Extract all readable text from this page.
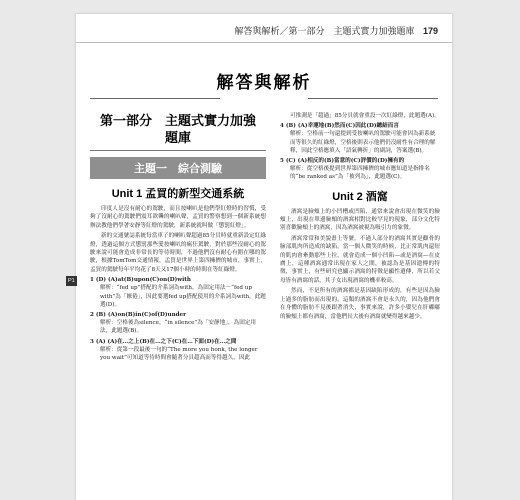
解答與解析／第一部分　主題式實力加強題庫 179
解答與解析
第一部分　主題式實力加強
題庫
主題一　綜合測驗
Unit 1 孟買的新型交通系統

印度人是沒有耐心的駕駛，而且按喇叭是他們學紅燈時的習慣，受夠了沒耐心的駕駛們震耳欲聾的喇叭聲，孟買的警察想到一個新系統想辦法教他們學著安靜等紅燈的駕駛，新系統就叫做「懲罰紅燈」。

新的交通號誌系統每當車子的喇叭聲超過85分貝時就重新設定紅綠燈，透過這個方式懲罰那些愛按喇叭的瘋狂駕駛，對於那些沒耐心的駕駛來說可能會造成非常長的等待時間，不過他們沒有耐心有錯在哪的駕駛，根據TomTom交通情報，孟買是世界上第四擁擠的城市，事實上，孟買的駕駛每年平均花了8天又17個小時的時間在等紅綠燈。

P1	1 (D) (A)at(B)upon(C)on(D)with
解析：“fed up”搭配的介系詞為with，為固定用法－“fed up with”為「厭倦」，因此要選fed up搭配使用的介系詞為with，此題選(D)。
2 (B) (A)on(B)in(C)of(D)under
解析：空格後為silence，“in silence”為「安靜地」，為固定用法，此題選(B)。
3 (A) (A)在…之上(B)在…之下(C)在…下面(D)在…之間
解析：從第一段最後一句的“The more you honk, the longer you wait”可知道等待時間會隨著分貝超高而等得越久，因此
可推測是「超過」85分貝就會重設一次紅綠燈，此題選(A)。
4 (B) (A)幸運地(B)然而(C)因此(D)總結而言
解析：空格前一句還提到受按喇叭的駕駛可能會因為新系統而等很久的紅綠燈，空格後則表示他們仍沒耐性有合理的解釋，因此空格應填入「語氣轉折」的副詞，答案選(B)。
5 (C) (A)相反的(B)當意的(C)評價的(D)擁有的
解析：從空格後提到世界第四擁擠的城市應知道是指排名的“be ranked as”為「被列為」，此題選(C)。
Unit 2 酒窩

酒窩是臉頰上的小凹槽或凹陷，通常來說會出現在微笑的臉頰上，出現在單邊臉頰的酒窩相對比較罕見的現象，部分文化特別喜歡臉頰上的酒窩，因為酒窩被視為吸引力的象徵。

酒窩常常和美貌畫上等號，不過人部分的酒窩其實是顴骨的臉部肌肉所造成的缺陷，當一個人微笑的時候，比正常肌肉還短的肌肉會牽動那些上拉，就會造成一個小凹陷—或是酒窩—在皮膚上，這種酒窩通常出現在家人之間，被認為是基因遺傳的特徵，事實上，有些研究也顯示酒窩的特徵是顯性遺傳，所以若父母皆有酒窩的話，其子女出現酒窩的機率較高。

然而，不是所有的酒窩都是基因缺陷形成的，有些是因為臉上過多的脂肪而出現的，這類的酒窩不會是永久的，因為他們會在身體的脂肪不見後跟著消失，事實來說，許多小嬰兒在肝嘟嘟的臉頰上都有酒窩，當他們長大後有酒窩就變得越來越少。
